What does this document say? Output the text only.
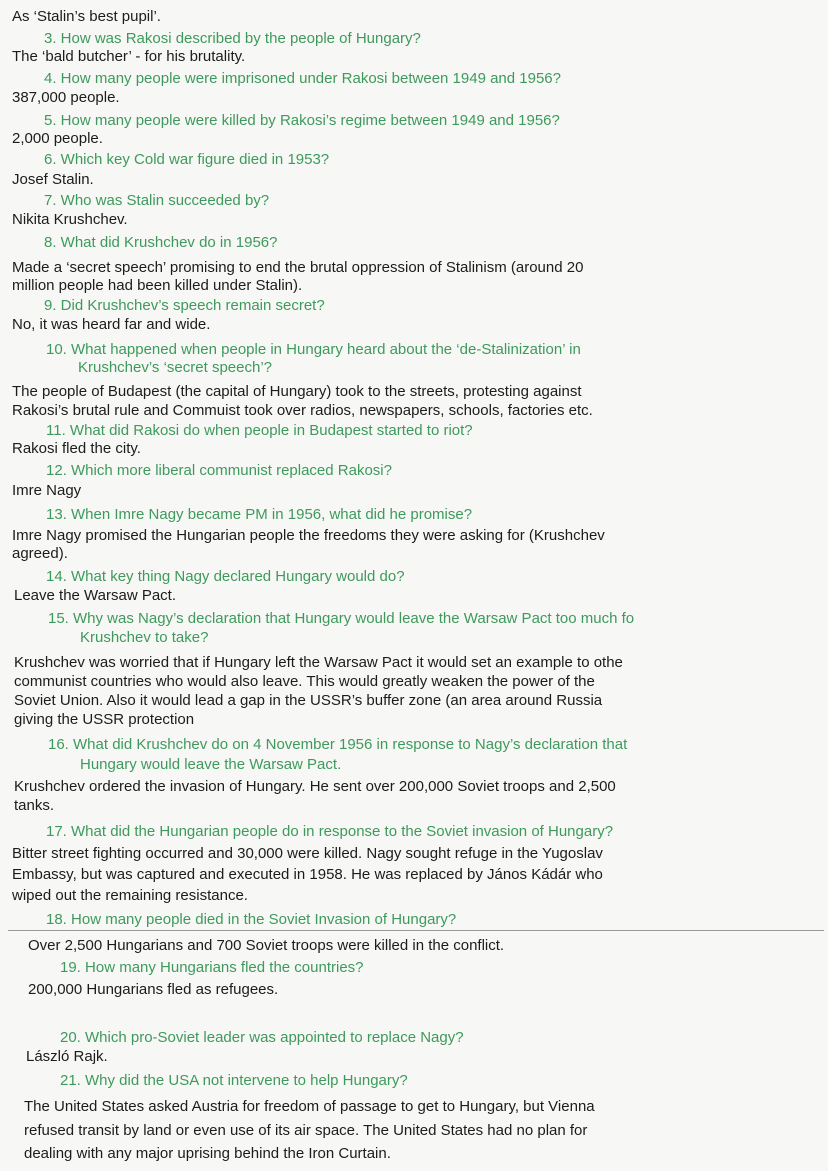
As ‘Stalin’s best pupil’.
3. How was Rakosi described by the people of Hungary?
The ‘bald butcher’ - for his brutality.
4. How many people were imprisoned under Rakosi between 1949 and 1956?
387,000 people.
5. How many people were killed by Rakosi’s regime between 1949 and 1956?
2,000 people.
6. Which key Cold war figure died in 1953?
Josef Stalin.
7. Who was Stalin succeeded by?
Nikita Krushchev.
8. What did Krushchev do in 1956?
Made a ‘secret speech’ promising to end the brutal oppression of Stalinism (around 20
million people had been killed under Stalin).
9. Did Krushchev’s speech remain secret?
No, it was heard far and wide.
10. What happened when people in Hungary heard about the ‘de-Stalinization’ in
Krushchev’s ‘secret speech’?
The people of Budapest (the capital of Hungary) took to the streets, protesting against
Rakosi’s brutal rule and Commuist took over radios, newspapers, schools, factories etc.
11. What did Rakosi do when people in Budapest started to riot?
Rakosi fled the city.
12. Which more liberal communist replaced Rakosi?
Imre Nagy
13. When Imre Nagy became PM in 1956, what did he promise?
Imre Nagy promised the Hungarian people the freedoms they were asking for (Krushchev
agreed).
14. What key thing Nagy declared Hungary would do?
Leave the Warsaw Pact.
15. Why was Nagy’s declaration that Hungary would leave the Warsaw Pact too much fo
Krushchev to take?
Krushchev was worried that if Hungary left the Warsaw Pact it would set an example to othe
communist countries who would also leave. This would greatly weaken the power of the
Soviet Union. Also it would lead a gap in the USSR’s buffer zone (an area around Russia
giving the USSR protection
16. What did Krushchev do on 4 November 1956 in response to Nagy’s declaration that
Hungary would leave the Warsaw Pact.
Krushchev ordered the invasion of Hungary. He sent over 200,000 Soviet troops and 2,500
tanks.
17. What did the Hungarian people do in response to the Soviet invasion of Hungary?
Bitter street fighting occurred and 30,000 were killed. Nagy sought refuge in the Yugoslav
Embassy, but was captured and executed in 1958. He was replaced by János Kádár who
wiped out the remaining resistance.
18. How many people died in the Soviet Invasion of Hungary?
Over 2,500 Hungarians and 700 Soviet troops were killed in the conflict.
19. How many Hungarians fled the countries?
200,000 Hungarians fled as refugees.
20. Which pro-Soviet leader was appointed to replace Nagy?
László Rajk.
21. Why did the USA not intervene to help Hungary?
The United States asked Austria for freedom of passage to get to Hungary, but Vienna
refused transit by land or even use of its air space. The United States had no plan for
dealing with any major uprising behind the Iron Curtain.
